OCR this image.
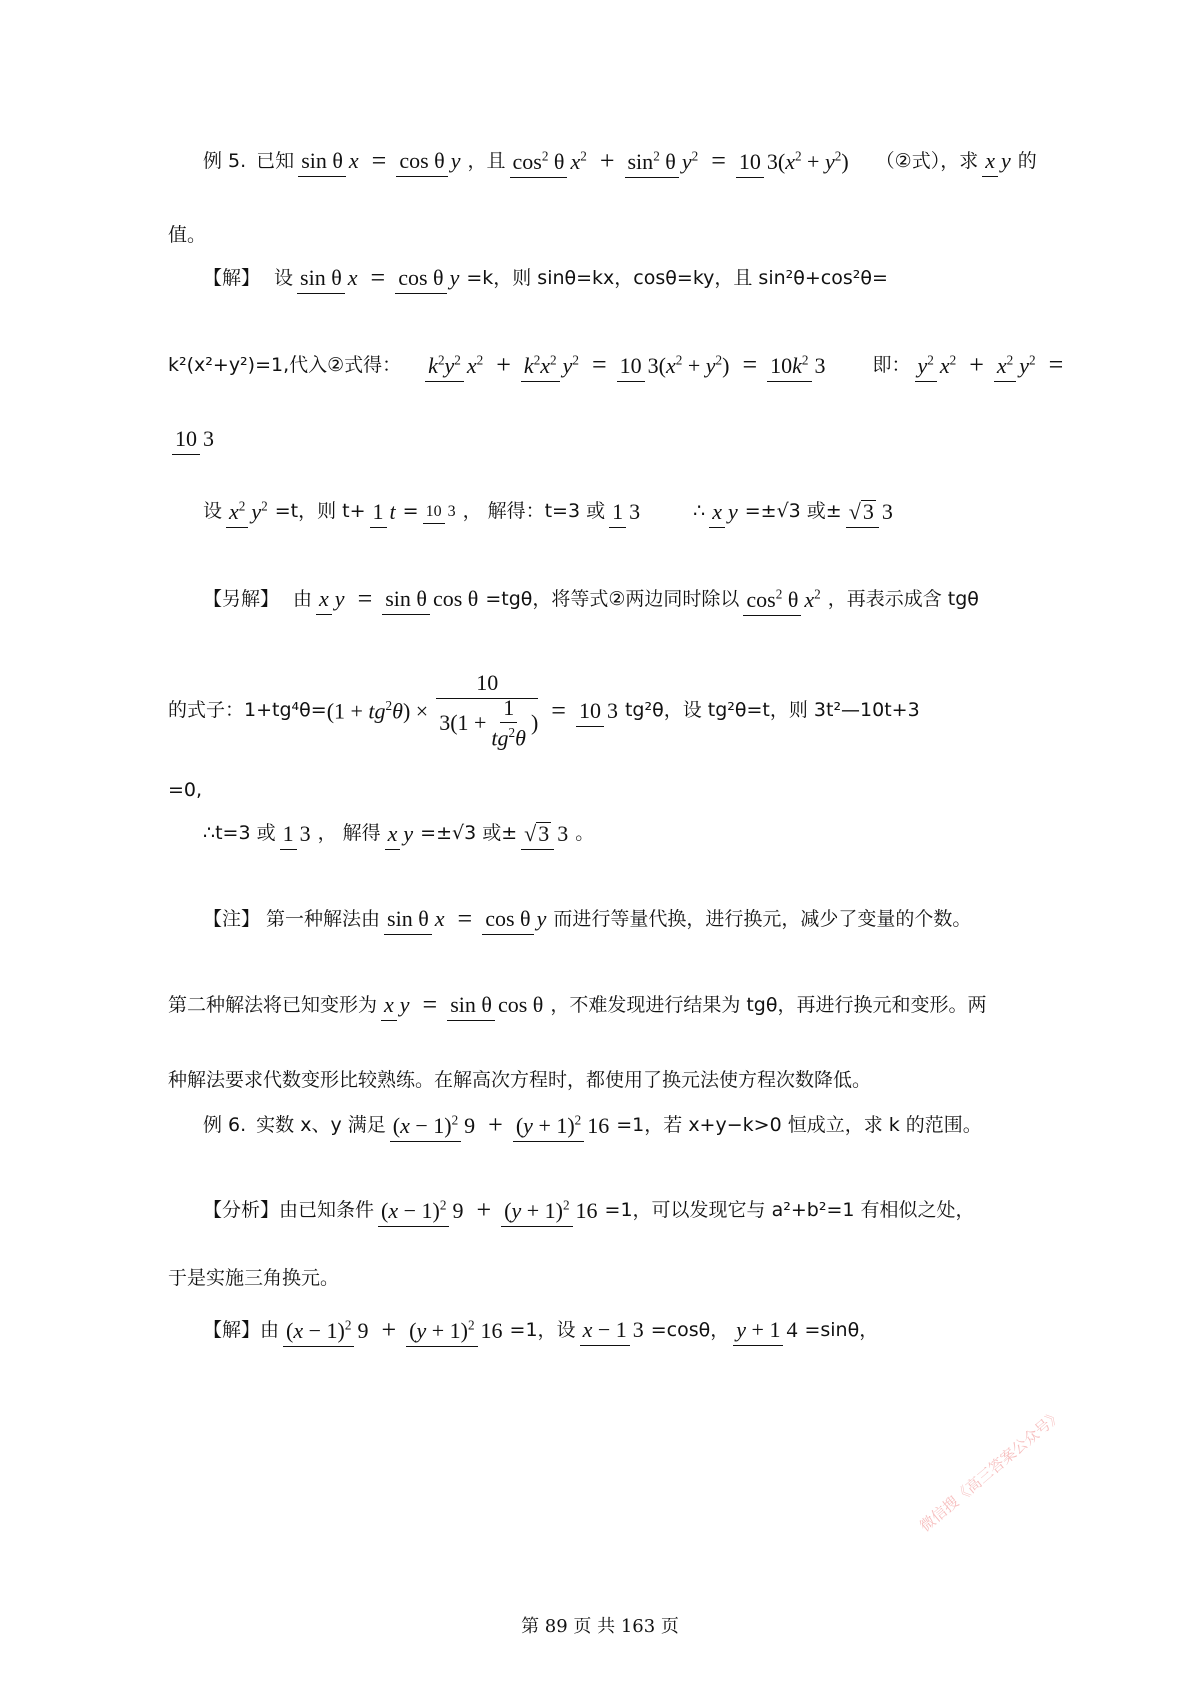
例 5. 已知 sin θ x = cos θ y ，且 $\cos^2 \theta$ $x^2 + \sin^2 \theta$ $y^2 = 10$ $3(x^2 + y^2)$ （②式），求 x y 的
值。
【解】 设 sin θ x = cos θ y =k，则 sinθ=kx，cosθ=ky，且 sin²θ+cos²θ=
k²(x²+y²)=1,代入②式得： $k^2y^2$ $x^2 + k^2x^2$ $y^2 = 10$ $3(x^2 + y^2) = 10k^2$ 3 即： $y^2$ $x^2 + x^2$ $y^2$ =
10 3
设 $x^2$ $y^2 =t$，则 t+ 1 t = 10 3 ， 解得：t=3 或 1 3	∴ x y =±√3 或± √3 3
【另解】 由 x y = sin θ cos θ =tgθ，将等式②两边同时除以 $\cos^2 \theta$ $x^2$ ，再表示成含 tgθ
的式子：$1+tg^4\theta= (1 + tg^2\theta) \times \frac{10}{3(1 + \frac{1}{tg^2\theta} )} = 10$ 3 tg²θ，设 tg²θ=t，则 3t²—10t+3
=0,
∴t=3 或 1 3 ， 解得 x y =±√3 或± √3 3 。
【注】 第一种解法由 sin θ x = cos θ y 而进行等量代换，进行换元，减少了变量的个数。
第二种解法将已知变形为 x y = sin θ cos θ ，不难发现进行结果为 tgθ，再进行换元和变形。两
种解法要求代数变形比较熟练。在解高次方程时，都使用了换元法使方程次数降低。
例 6. 实数 x、y 满足 $(x - 1)^2$ $9 + (y + 1)^2$ 16 =1，若 x+y−k>0 恒成立，求 k 的范围。
【分析】 由已知条件 $(x - 1)^2$ $9 + (y + 1)^2$ 16 =1，可以发现它与 a²+b²=1 有相似之处，
于是实施三角换元。
【解】 由 $(x - 1)^2$ $9 + (y + 1)^2$ 16 =1，设 x − 1 3 =cosθ， y + 1 4 =sinθ，
第 89 页 共 163 页
微信搜《高三答案公众号》
